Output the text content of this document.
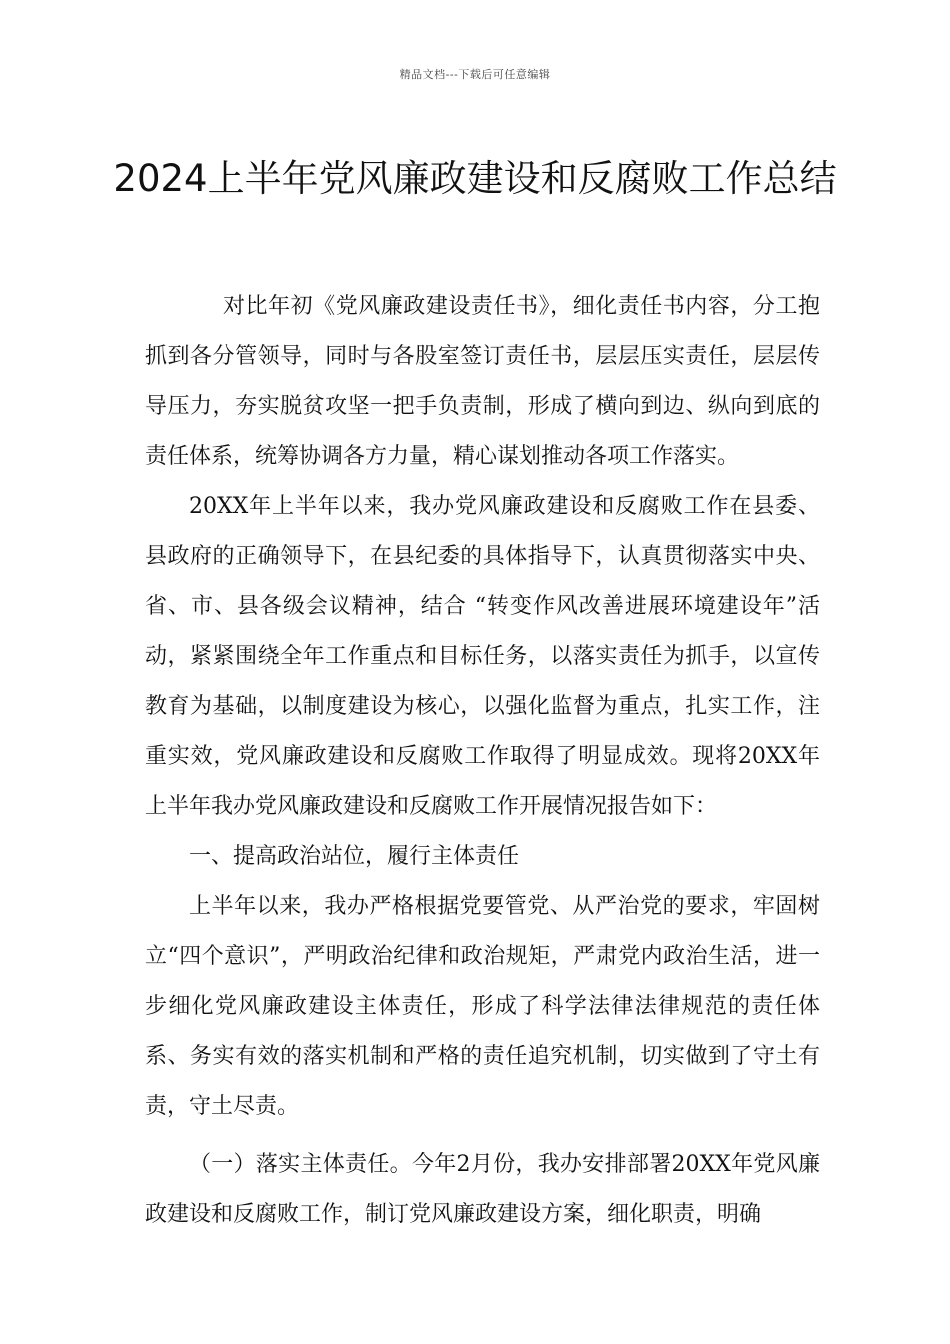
精品文档---下载后可任意编辑
2024上半年党风廉政建设和反腐败工作总结

对比年初《党风廉政建设责任书》，细化责任书内容，分工抱抓到各分管领导，同时与各股室签订责任书，层层压实责任，层层传导压力，夯实脱贫攻坚一把手负责制，形成了横向到边、纵向到底的责任体系，统筹协调各方力量，精心谋划推动各项工作落实。

20XX年上半年以来，我办党风廉政建设和反腐败工作在县委、县政府的正确领导下，在县纪委的具体指导下，认真贯彻落实中央、省、市、县各级会议精神，结合 “转变作风改善进展环境建设年”活动，紧紧围绕全年工作重点和目标任务，以落实责任为抓手，以宣传教育为基础，以制度建设为核心，以强化监督为重点，扎实工作，注重实效，党风廉政建设和反腐败工作取得了明显成效。现将20XX年上半年我办党风廉政建设和反腐败工作开展情况报告如下：

一、提高政治站位，履行主体责任

上半年以来，我办严格根据党要管党、从严治党的要求，牢固树立“四个意识”，严明政治纪律和政治规矩，严肃党内政治生活，进一步细化党风廉政建设主体责任，形成了科学法律法律规范的责任体系、务实有效的落实机制和严格的责任追究机制，切实做到了守土有责，守土尽责。

（一）落实主体责任。今年2月份，我办安排部署20XX年党风廉政建设和反腐败工作，制订党风廉政建设方案，细化职责，明确
